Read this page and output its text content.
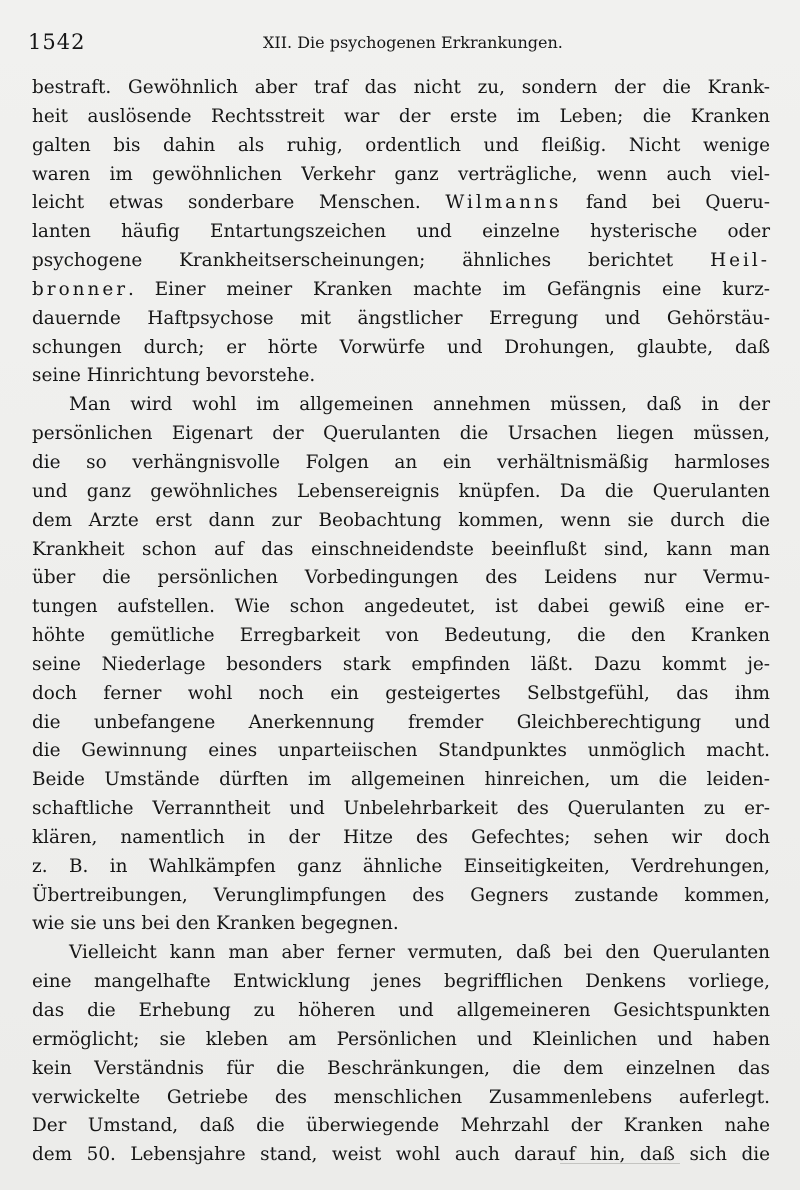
1542	XII. Die psychogenen Erkrankungen.
bestraft. Gewöhnlich aber traf das nicht zu, sondern der die Krank-
heit auslösende Rechtsstreit war der erste im Leben; die Kranken
galten bis dahin als ruhig, ordentlich und fleißig. Nicht wenige
waren im gewöhnlichen Verkehr ganz verträgliche, wenn auch viel-
leicht etwas sonderbare Menschen. Wilmanns fand bei Queru-
lanten häufig Entartungszeichen und einzelne hysterische oder
psychogene Krankheitserscheinungen; ähnliches berichtet Heil-
bronner. Einer meiner Kranken machte im Gefängnis eine kurz-
dauernde Haftpsychose mit ängstlicher Erregung und Gehörstäu-
schungen durch; er hörte Vorwürfe und Drohungen, glaubte, daß
seine Hinrichtung bevorstehe.
Man wird wohl im allgemeinen annehmen müssen, daß in der
persönlichen Eigenart der Querulanten die Ursachen liegen müssen,
die so verhängnisvolle Folgen an ein verhältnismäßig harmloses
und ganz gewöhnliches Lebensereignis knüpfen. Da die Querulanten
dem Arzte erst dann zur Beobachtung kommen, wenn sie durch die
Krankheit schon auf das einschneidendste beeinflußt sind, kann man
über die persönlichen Vorbedingungen des Leidens nur Vermu-
tungen aufstellen. Wie schon angedeutet, ist dabei gewiß eine er-
höhte gemütliche Erregbarkeit von Bedeutung, die den Kranken
seine Niederlage besonders stark empfinden läßt. Dazu kommt je-
doch ferner wohl noch ein gesteigertes Selbstgefühl, das ihm
die unbefangene Anerkennung fremder Gleichberechtigung und
die Gewinnung eines unparteiischen Standpunktes unmöglich macht.
Beide Umstände dürften im allgemeinen hinreichen, um die leiden-
schaftliche Verranntheit und Unbelehrbarkeit des Querulanten zu er-
klären, namentlich in der Hitze des Gefechtes; sehen wir doch
z. B. in Wahlkämpfen ganz ähnliche Einseitigkeiten, Verdrehungen,
Übertreibungen, Verunglimpfungen des Gegners zustande kommen,
wie sie uns bei den Kranken begegnen.
Vielleicht kann man aber ferner vermuten, daß bei den Querulanten
eine mangelhafte Entwicklung jenes begrifflichen Denkens vorliege,
das die Erhebung zu höheren und allgemeineren Gesichtspunkten
ermöglicht; sie kleben am Persönlichen und Kleinlichen und haben
kein Verständnis für die Beschränkungen, die dem einzelnen das
verwickelte Getriebe des menschlichen Zusammenlebens auferlegt.
Der Umstand, daß die überwiegende Mehrzahl der Kranken nahe
dem 50. Lebensjahre stand, weist wohl auch darauf hin, daß sich die
